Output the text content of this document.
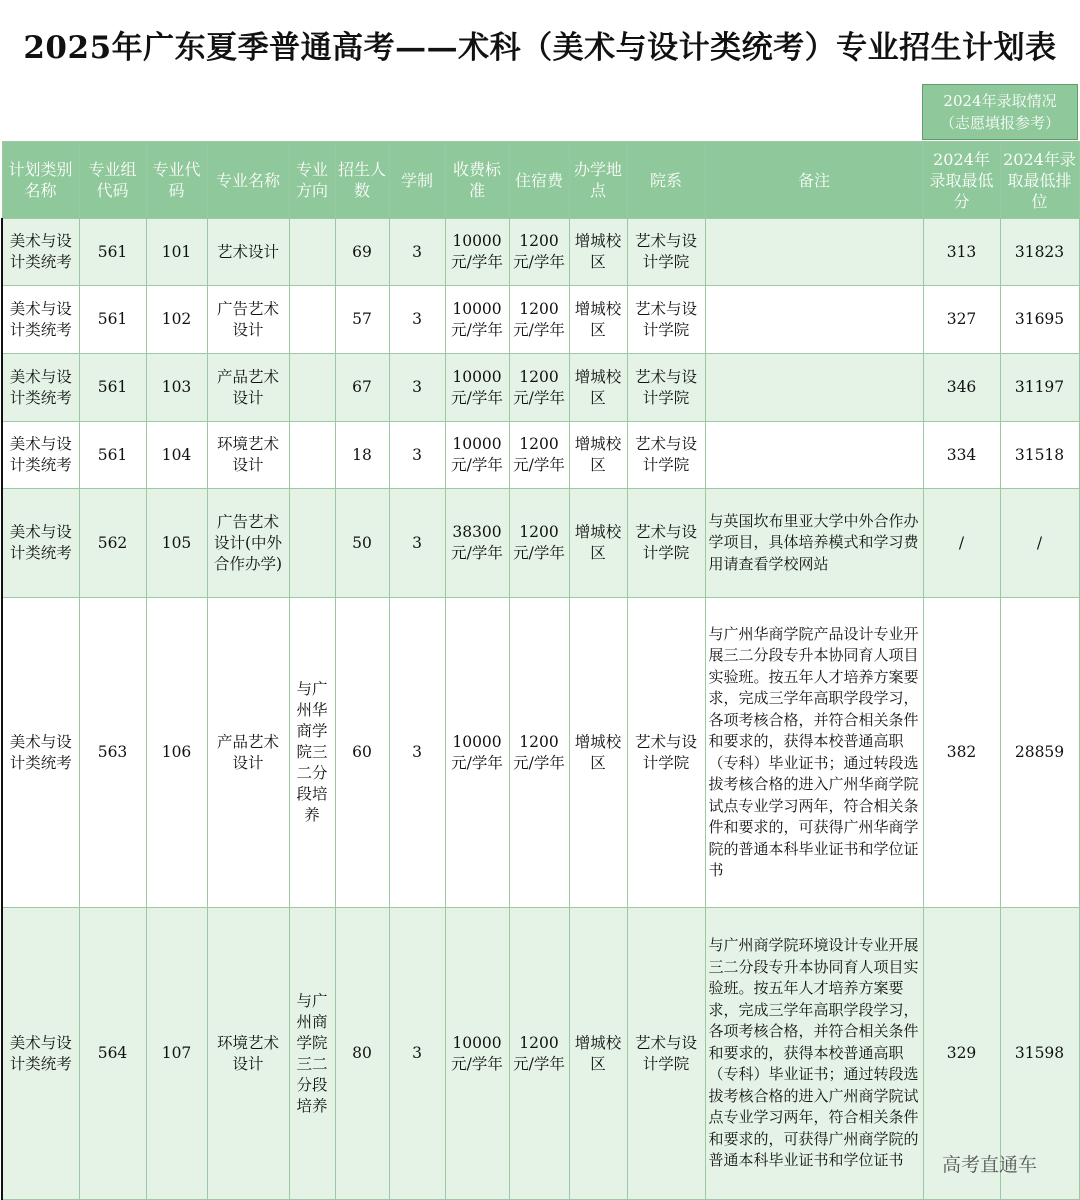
2025年广东夏季普通高考——术科（美术与设计类统考）专业招生计划表
2024年录取情况
（志愿填报参考）
计划类别名称	专业组代码	专业代码	专业名称	专业方向	招生人数	学制	收费标准	住宿费	办学地点	院系	备注	2024年录取最低分	2024年录取最低排位
美术与设计类统考	561	101	艺术设计		69	3	10000元/学年	1200元/学年	增城校区	艺术与设计学院		313	31823
美术与设计类统考	561	102	广告艺术设计		57	3	10000元/学年	1200元/学年	增城校区	艺术与设计学院		327	31695
美术与设计类统考	561	103	产品艺术设计		67	3	10000元/学年	1200元/学年	增城校区	艺术与设计学院		346	31197
美术与设计类统考	561	104	环境艺术设计		18	3	10000元/学年	1200元/学年	增城校区	艺术与设计学院		334	31518
美术与设计类统考	562	105	广告艺术设计(中外合作办学)		50	3	38300元/学年	1200元/学年	增城校区	艺术与设计学院	与英国坎布里亚大学中外合作办学项目，具体培养模式和学习费用请查看学校网站	/	/
美术与设计类统考	563	106	产品艺术设计	与广州华商学院三二分段培养	60	3	10000元/学年	1200元/学年	增城校区	艺术与设计学院	与广州华商学院产品设计专业开展三二分段专升本协同育人项目实验班。按五年人才培养方案要求，完成三学年高职学段学习，各项考核合格，并符合相关条件和要求的，获得本校普通高职（专科）毕业证书；通过转段选拔考核合格的进入广州华商学院试点专业学习两年，符合相关条件和要求的，可获得广州华商学院的普通本科毕业证书和学位证书	382	28859
美术与设计类统考	564	107	环境艺术设计	与广州商学院三二分段培养	80	3	10000元/学年	1200元/学年	增城校区	艺术与设计学院	与广州商学院环境设计专业开展三二分段专升本协同育人项目实验班。按五年人才培养方案要求，完成三学年高职学段学习，各项考核合格，并符合相关条件和要求的，获得本校普通高职（专科）毕业证书；通过转段选拔考核合格的进入广州商学院试点专业学习两年，符合相关条件和要求的，可获得广州商学院的普通本科毕业证书和学位证书	329	31598
高考直通车
